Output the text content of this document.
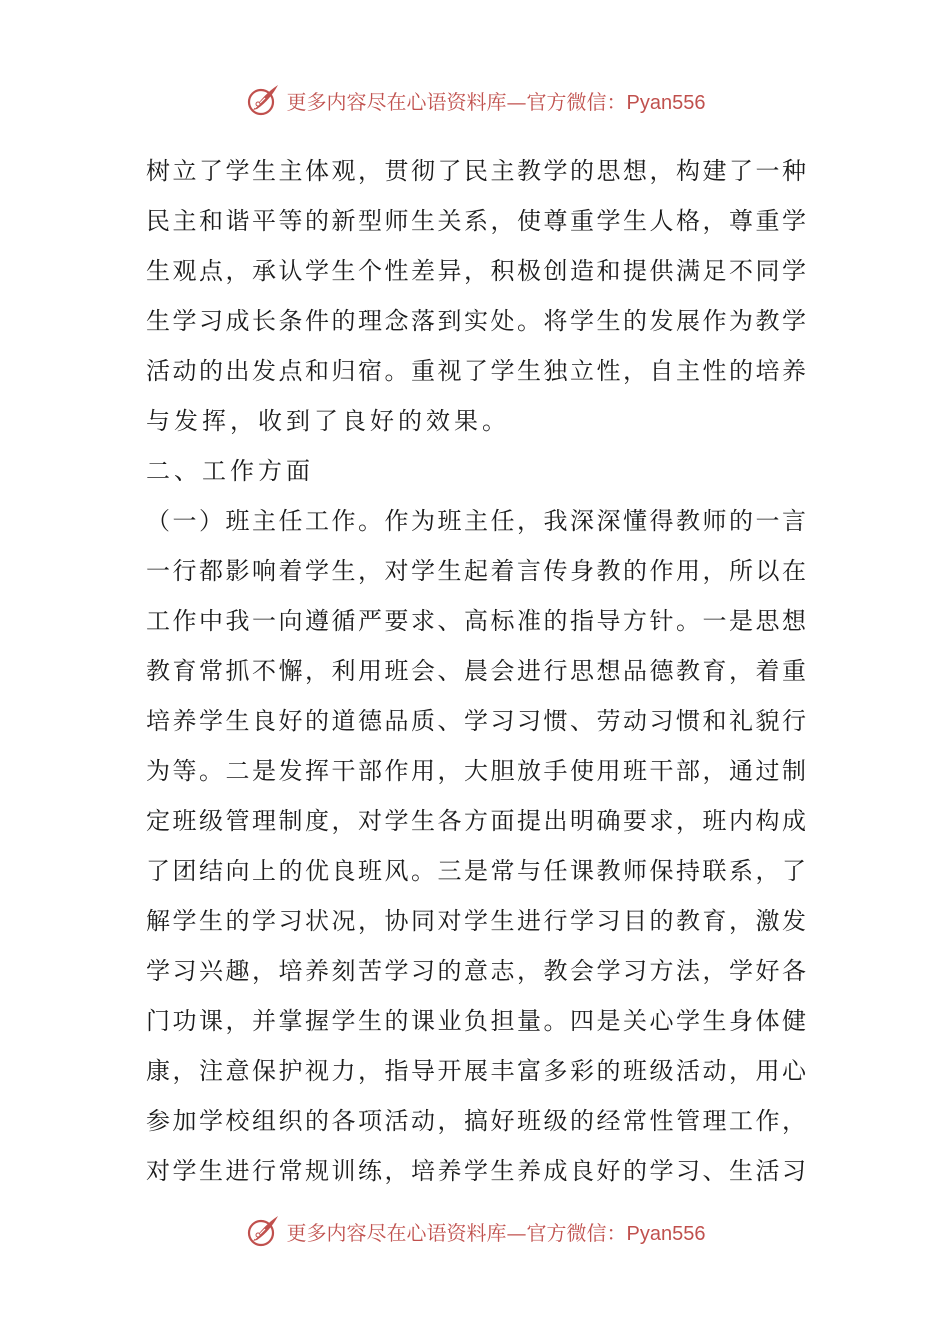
更多内容尽在心语资料库—官方微信：Pyan556
树立了学生主体观，贯彻了民主教学的思想，构建了一种
民主和谐平等的新型师生关系，使尊重学生人格，尊重学
生观点，承认学生个性差异，积极创造和提供满足不同学
生学习成长条件的理念落到实处。将学生的发展作为教学
活动的出发点和归宿。重视了学生独立性，自主性的培养
与发挥，收到了良好的效果。
二、工作方面
（一）班主任工作。作为班主任，我深深懂得教师的一言
一行都影响着学生，对学生起着言传身教的作用，所以在
工作中我一向遵循严要求、高标准的指导方针。一是思想
教育常抓不懈，利用班会、晨会进行思想品德教育，着重
培养学生良好的道德品质、学习习惯、劳动习惯和礼貌行
为等。二是发挥干部作用，大胆放手使用班干部，通过制
定班级管理制度，对学生各方面提出明确要求，班内构成
了团结向上的优良班风。三是常与任课教师保持联系，了
解学生的学习状况，协同对学生进行学习目的教育，激发
学习兴趣，培养刻苦学习的意志，教会学习方法，学好各
门功课，并掌握学生的课业负担量。四是关心学生身体健
康，注意保护视力，指导开展丰富多彩的班级活动，用心
参加学校组织的各项活动，搞好班级的经常性管理工作，
对学生进行常规训练，培养学生养成良好的学习、生活习
更多内容尽在心语资料库—官方微信：Pyan556
